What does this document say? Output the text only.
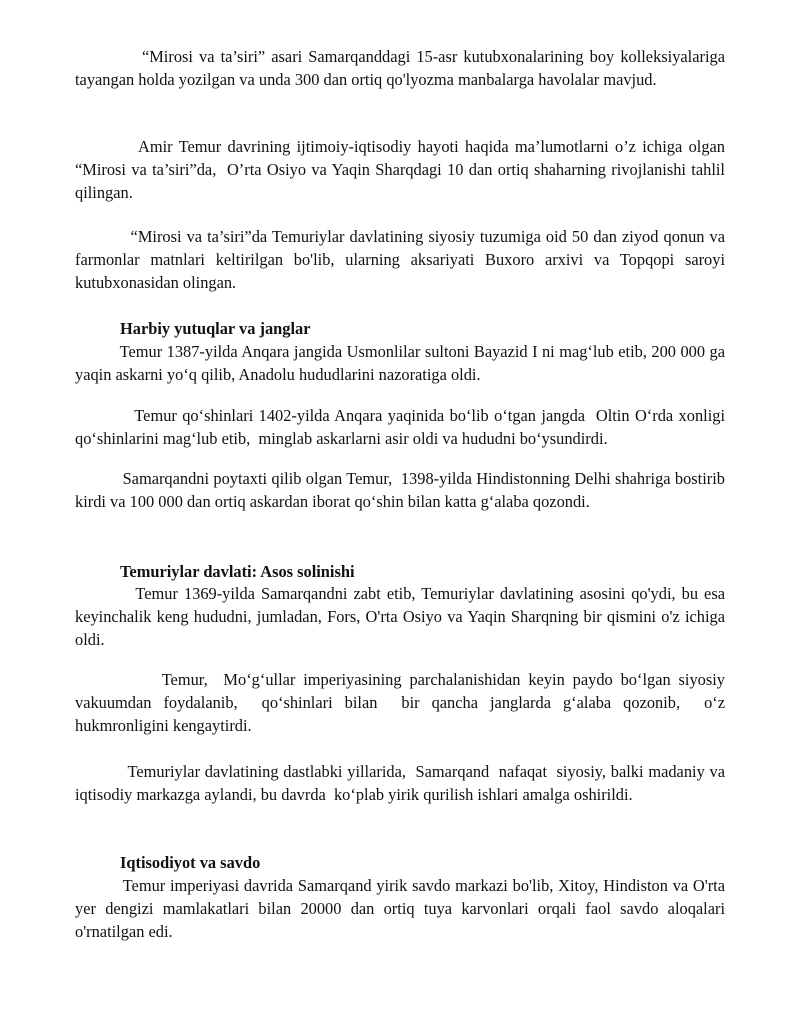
“Mirosi va ta’siri” asari Samarqanddagi 15-asr kutubxonalarining boy kolleksiyalariga tayangan holda yozilgan va unda 300 dan ortiq qo'lyozma manbalarga havolalar mavjud.

Amir Temur davrining ijtimoiy-iqtisodiy hayoti haqida ma’lumotlarni o’z ichiga olgan “Mirosi va ta’siri”da,  O’rta Osiyo va Yaqin Sharqdagi 10 dan ortiq shaharning rivojlanishi tahlil qilingan.

“Mirosi va ta’siri”da Temuriylar davlatining siyosiy tuzumiga oid 50 dan ziyod qonun va farmonlar matnlari keltirilgan bo'lib, ularning aksariyati Buxoro arxivi va Topqopi saroyi kutubxonasidan olingan.

Harbiy yutuqlar va janglar

Temur 1387-yilda Anqara jangida Usmonlilar sultoni Bayazid I ni mag‘lub etib, 200 000 ga yaqin askarni yo‘q qilib, Anadolu hududlarini nazoratiga oldi.

Temur qo‘shinlari 1402-yilda Anqara yaqinida bo‘lib o‘tgan jangda  Oltin O‘rda xonligi qo‘shinlarini mag‘lub etib,  minglab askarlarni asir oldi va hududni bo‘ysundirdi.

Samarqandni poytaxti qilib olgan Temur,  1398-yilda Hindistonning Delhi shahriga bostirib kirdi va 100 000 dan ortiq askardan iborat qo‘shin bilan katta g‘alaba qozondi.

Temuriylar davlati: Asos solinishi

Temur 1369-yilda Samarqandni zabt etib, Temuriylar davlatining asosini qo'ydi, bu esa keyinchalik keng hududni, jumladan, Fors, O'rta Osiyo va Yaqin Sharqning bir qismini o'z ichiga oldi.

Temur,  Mo‘g‘ullar imperiyasining parchalanishidan keyin paydo bo‘lgan siyosiy vakuumdan foydalanib,  qo‘shinlari bilan  bir qancha janglarda g‘alaba qozonib,  o‘z hukmronligini kengaytirdi.

Temuriylar davlatining dastlabki yillarida,  Samarqand  nafaqat  siyosiy, balki madaniy va iqtisodiy markazga aylandi, bu davrda  ko‘plab yirik qurilish ishlari amalga oshirildi.

Iqtisodiyot va savdo

Temur imperiyasi davrida Samarqand yirik savdo markazi bo'lib, Xitoy, Hindiston va O'rta yer dengizi mamlakatlari bilan 20000 dan ortiq tuya karvonlari orqali faol savdo aloqalari o'rnatilgan edi.
